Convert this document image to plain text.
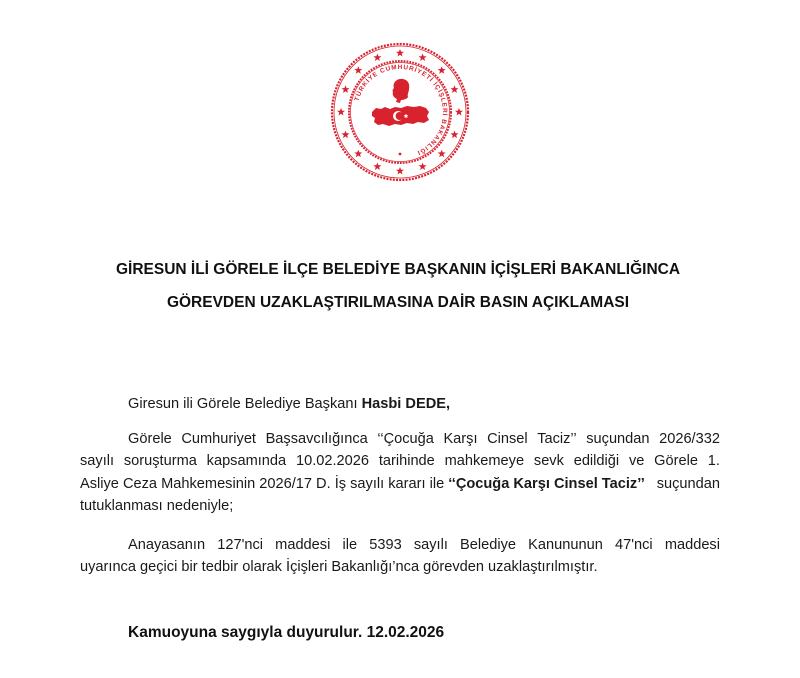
TÜRKİYE CUMHURİYETİ İÇİŞLERİ BAKANLIĞI
GİRESUN İLİ GÖRELE İLÇE BELEDİYE BAŞKANIN İÇİŞLERİ BAKANLIĞINCA
GÖREVDEN UZAKLAŞTIRILMASINA DAİR BASIN AÇIKLAMASI
Giresun ili Görele Belediye Başkanı Hasbi DEDE,
Görele Cumhuriyet Başsavcılığınca ‘‘Çocuğa Karşı Cinsel Taciz’’ suçundan 2026/332
sayılı soruşturma kapsamında 10.02.2026 tarihinde mahkemeye sevk edildiği ve Görele 1.
Asliye Ceza Mahkemesinin 2026/17 D. İş sayılı kararı ile ‘‘Çocuğa Karşı Cinsel Taciz’’ suçundan
tutuklanması nedeniyle;
Anayasanın 127'nci maddesi ile 5393 sayılı Belediye Kanununun 47'nci maddesi
uyarınca geçici bir tedbir olarak İçişleri Bakanlığı’nca görevden uzaklaştırılmıştır.
Kamuoyuna saygıyla duyurulur. 12.02.2026
